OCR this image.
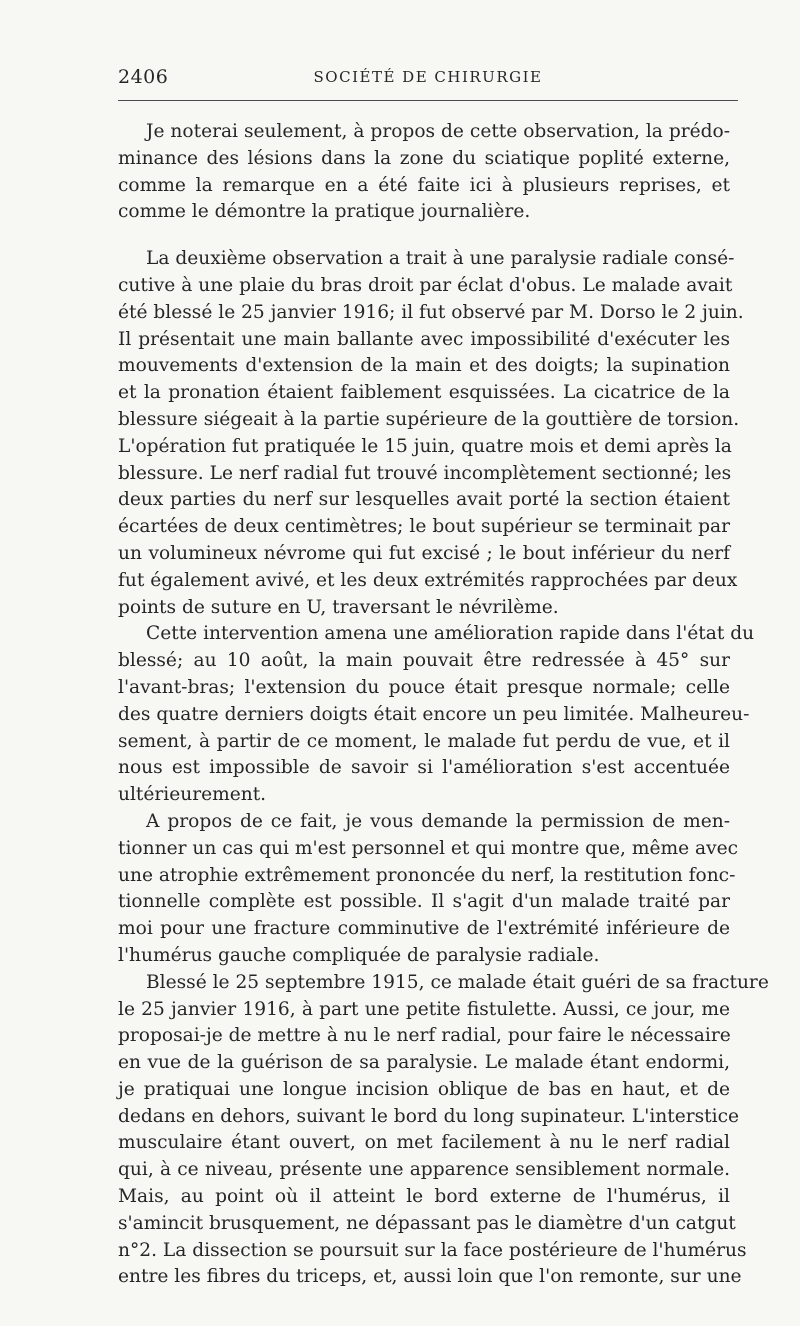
2406	SOCIÉTÉ DE CHIRURGIE
Je noterai seulement, à propos de cette observation, la prédo-
minance des lésions dans la zone du sciatique poplité externe,
comme la remarque en a été faite ici à plusieurs reprises, et
comme le démontre la pratique journalière.
La deuxième observation a trait à une paralysie radiale consé-
cutive à une plaie du bras droit par éclat d'obus. Le malade avait
été blessé le 25 janvier 1916; il fut observé par M. Dorso le 2 juin.
Il présentait une main ballante avec impossibilité d'exécuter les
mouvements d'extension de la main et des doigts; la supination
et la pronation étaient faiblement esquissées. La cicatrice de la
blessure siégeait à la partie supérieure de la gouttière de torsion.
L'opération fut pratiquée le 15 juin, quatre mois et demi après la
blessure. Le nerf radial fut trouvé incomplètement sectionné; les
deux parties du nerf sur lesquelles avait porté la section étaient
écartées de deux centimètres; le bout supérieur se terminait par
un volumineux névrome qui fut excisé ; le bout inférieur du nerf
fut également avivé, et les deux extrémités rapprochées par deux
points de suture en U, traversant le névrilème.
Cette intervention amena une amélioration rapide dans l'état du
blessé; au 10 août, la main pouvait être redressée à 45° sur
l'avant-bras; l'extension du pouce était presque normale; celle
des quatre derniers doigts était encore un peu limitée. Malheureu-
sement, à partir de ce moment, le malade fut perdu de vue, et il
nous est impossible de savoir si l'amélioration s'est accentuée
ultérieurement.
A propos de ce fait, je vous demande la permission de men-
tionner un cas qui m'est personnel et qui montre que, même avec
une atrophie extrêmement prononcée du nerf, la restitution fonc-
tionnelle complète est possible. Il s'agit d'un malade traité par
moi pour une fracture comminutive de l'extrémité inférieure de
l'humérus gauche compliquée de paralysie radiale.
Blessé le 25 septembre 1915, ce malade était guéri de sa fracture
le 25 janvier 1916, à part une petite fistulette. Aussi, ce jour, me
proposai-je de mettre à nu le nerf radial, pour faire le nécessaire
en vue de la guérison de sa paralysie. Le malade étant endormi,
je pratiquai une longue incision oblique de bas en haut, et de
dedans en dehors, suivant le bord du long supinateur. L'interstice
musculaire étant ouvert, on met facilement à nu le nerf radial
qui, à ce niveau, présente une apparence sensiblement normale.
Mais, au point où il atteint le bord externe de l'humérus, il
s'amincit brusquement, ne dépassant pas le diamètre d'un catgut
n°2. La dissection se poursuit sur la face postérieure de l'humérus
entre les fibres du triceps, et, aussi loin que l'on remonte, sur une
